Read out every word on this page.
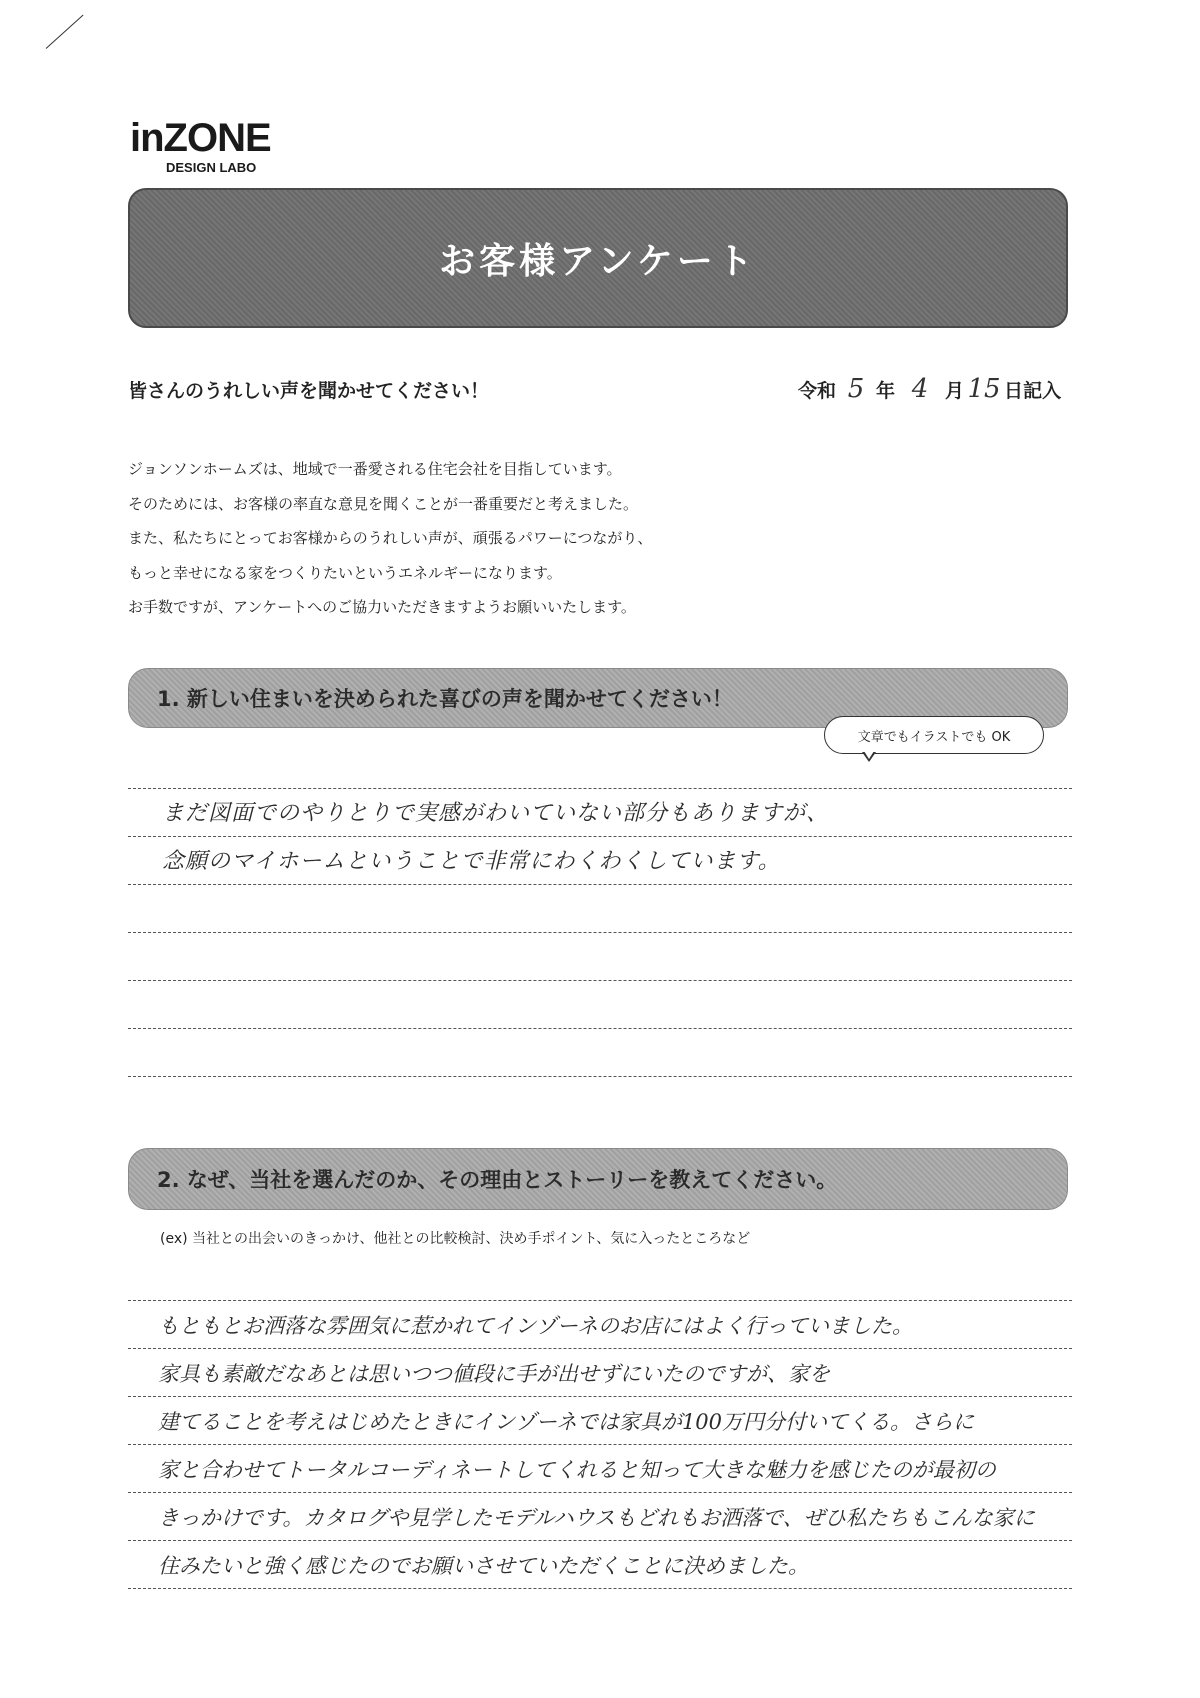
inZONE
DESIGN LABO
お客様アンケート
皆さんのうれしい声を聞かせてください！	令和 5 年 4 月 15 日 記入

ジョンソンホームズは、地域で一番愛される住宅会社を目指しています。

そのためには、お客様の率直な意見を聞くことが一番重要だと考えました。

また、私たちにとってお客様からのうれしい声が、頑張るパワーにつながり、

もっと幸せになる家をつくりたいというエネルギーになります。

お手数ですが、アンケートへのご協力いただきますようお願いいたします。

1. 新しい住まいを決められた喜びの声を聞かせてください！
文章でもイラストでも OK
まだ図面でのやりとりで実感がわいていない部分もありますが、
念願のマイホームということで非常にわくわくしています。
2. なぜ、当社を選んだのか、その理由とストーリーを教えてください。
(ex) 当社との出会いのきっかけ、他社との比較検討、決め手ポイント、気に入ったところなど
もともとお洒落な雰囲気に惹かれてインゾーネのお店にはよく行っていました。
家具も素敵だなあとは思いつつ値段に手が出せずにいたのですが、家を
建てることを考えはじめたときにインゾーネでは家具が100万円分付いてくる。さらに
家と合わせてトータルコーディネートしてくれると知って大きな魅力を感じたのが最初の
きっかけです。カタログや見学したモデルハウスもどれもお洒落で、ぜひ私たちもこんな家に
住みたいと強く感じたのでお願いさせていただくことに決めました。
